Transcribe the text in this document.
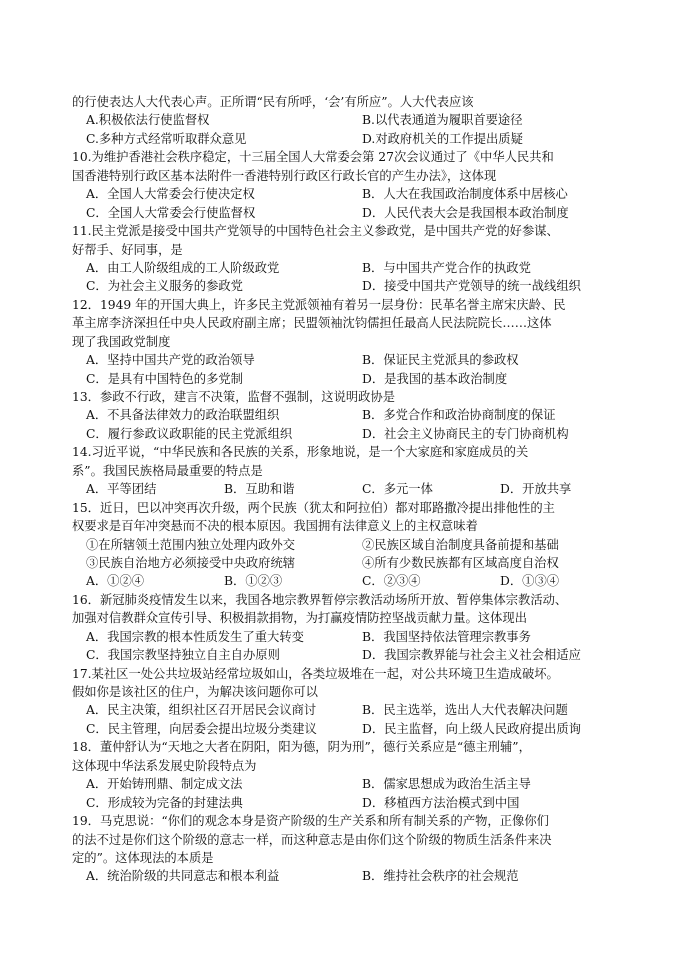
的行使表达人大代表心声。正所谓“民有所呼，‘会’有所应”。人大代表应该
A.积极依法行使监督权	B.以代表通道为履职首要途径
C.多种方式经常听取群众意见	D.对政府机关的工作提出质疑
10.为维护香港社会秩序稳定，十三届全国人大常委会第 27次会议通过了《中华人民共和
国香港特别行政区基本法附件一香港特别行政区行政长官的产生办法》，这体现
A．全国人大常委会行使决定权	B．人大在我国政治制度体系中居核心
C．全国人大常委会行使监督权	D．人民代表大会是我国根本政治制度
11.民主党派是接受中国共产党领导的中国特色社会主义参政党，是中国共产党的好参谋、
好帮手、好同事，是
A．由工人阶级组成的工人阶级政党	B．与中国共产党合作的执政党
C．为社会主义服务的参政党	D．接受中国共产党领导的统一战线组织
12．1949 年的开国大典上，许多民主党派领袖有着另一层身份：民革名誉主席宋庆龄、民
革主席李济深担任中央人民政府副主席；民盟领袖沈钧儒担任最高人民法院院长……这体
现了我国政党制度
A．坚持中国共产党的政治领导	B．保证民主党派具的参政权
C．是具有中国特色的多党制	D．是我国的基本政治制度
13．参政不行政，建言不决策，监督不强制，这说明政协是
A．不具备法律效力的政治联盟组织	B．多党合作和政治协商制度的保证
C．履行参政议政职能的民主党派组织	D．社会主义协商民主的专门协商机构
14.习近平说，“中华民族和各民族的关系，形象地说，是一个大家庭和家庭成员的关
系”。我国民族格局最重要的特点是
A．平等团结	B．互助和谐	C．多元一体	D．开放共享
15．近日，巴以冲突再次升级，两个民族（犹太和阿拉伯）都对耶路撒冷提出排他性的主
权要求是百年冲突悬而不决的根本原因。我国拥有法律意义上的主权意味着
①在所辖领土范围内独立处理内政外交	②民族区域自治制度具备前提和基础
③民族自治地方必须接受中央政府统辖	④所有少数民族都有区域高度自治权
A．①②④	B．①②③	C．②③④	D．①③④
16．新冠肺炎疫情发生以来，我国各地宗教界暂停宗教活动场所开放、暂停集体宗教活动、
加强对信教群众宣传引导、积极捐款捐物，为打赢疫情防控坚战贡献力量。这体现出
A．我国宗教的根本性质发生了重大转变	B．我国坚持依法管理宗教事务
C．我国宗教坚持独立自主自办原则	D．我国宗教界能与社会主义社会相适应
17.某社区一处公共垃圾站经常垃圾如山，各类垃圾堆在一起，对公共环境卫生造成破坏。
假如你是该社区的住户，为解决该问题你可以
A．民主决策，组织社区召开居民会议商讨	B．民主选举，选出人大代表解决问题
C．民主管理，向居委会提出垃圾分类建议	D．民主监督，向上级人民政府提出质询
18．董仲舒认为“天地之大者在阴阳，阳为德，阴为刑”，德行关系应是“德主刑辅”，
这体现中华法系发展史阶段特点为
A．开始铸刑鼎、制定成文法	B．儒家思想成为政治生活主导
C．形成较为完备的封建法典	D．移植西方法治模式到中国
19．马克思说：“你们的观念本身是资产阶级的生产关系和所有制关系的产物，正像你们
的法不过是你们这个阶级的意志一样，而这种意志是由你们这个阶级的物质生活条件来决
定的”。这体现法的本质是
A．统治阶级的共同意志和根本利益	B．维持社会秩序的社会规范
